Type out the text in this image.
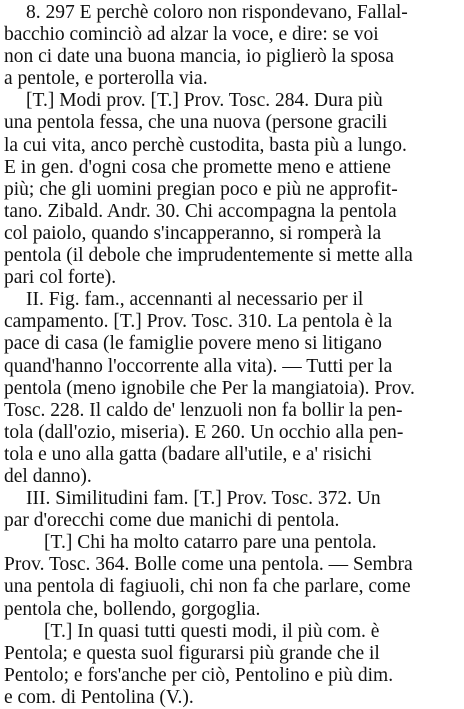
8. 297 E perchè coloro non rispondevano, Fallal-
bacchio cominciò ad alzar la voce, e dire: se voi
non ci date una buona mancia, io piglierò la sposa
a pentole, e porterolla via.
[T.] Modi prov. [T.] Prov. Tosc. 284. Dura più
una pentola fessa, che una nuova (persone gracili
la cui vita, anco perchè custodita, basta più a lungo.
E in gen. d'ogni cosa che promette meno e attiene
più; che gli uomini pregian poco e più ne approfit-
tano. Zibald. Andr. 30. Chi accompagna la pentola
col paiolo, quando s'incapperanno, si romperà la
pentola (il debole che imprudentemente si mette alla
pari col forte).
II. Fig. fam., accennanti al necessario per il
campamento. [T.] Prov. Tosc. 310. La pentola è la
pace di casa (le famiglie povere meno si litigano
quand'hanno l'occorrente alla vita). — Tutti per la
pentola (meno ignobile che Per la mangiatoia). Prov.
Tosc. 228. Il caldo de' lenzuoli non fa bollir la pen-
tola (dall'ozio, miseria). E 260. Un occhio alla pen-
tola e uno alla gatta (badare all'utile, e a' risichi
del danno).
III. Similitudini fam. [T.] Prov. Tosc. 372. Un
par d'orecchi come due manichi di pentola.
[T.] Chi ha molto catarro pare una pentola.
Prov. Tosc. 364. Bolle come una pentola. — Sembra
una pentola di fagiuoli, chi non fa che parlare, come
pentola che, bollendo, gorgoglia.
[T.] In quasi tutti questi modi, il più com. è
Pentola; e questa suol figurarsi più grande che il
Pentolo; e fors'anche per ciò, Pentolino e più dim.
e com. di Pentolina (V.).
